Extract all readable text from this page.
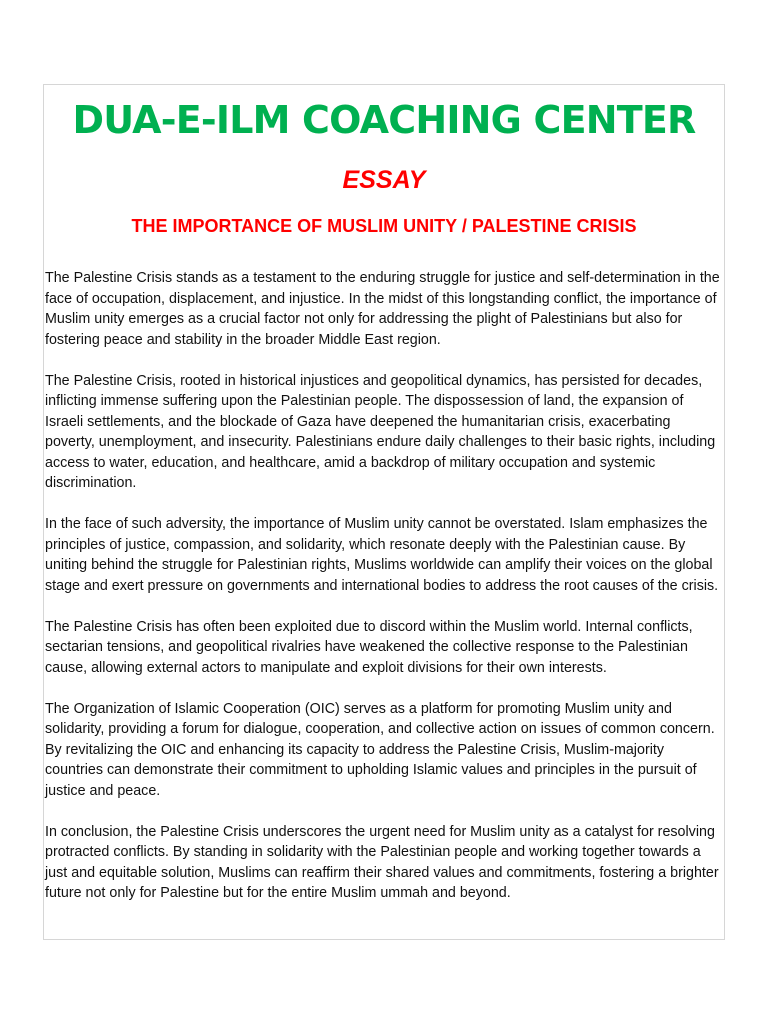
DUA-E-ILM COACHING CENTER
ESSAY
THE IMPORTANCE OF MUSLIM UNITY / PALESTINE CRISIS

The Palestine Crisis stands as a testament to the enduring struggle for justice and self-determination in the face of occupation, displacement, and injustice. In the midst of this longstanding conflict, the importance of Muslim unity emerges as a crucial factor not only for addressing the plight of Palestinians but also for fostering peace and stability in the broader Middle East region.

The Palestine Crisis, rooted in historical injustices and geopolitical dynamics, has persisted for decades, inflicting immense suffering upon the Palestinian people. The dispossession of land, the expansion of Israeli settlements, and the blockade of Gaza have deepened the humanitarian crisis, exacerbating poverty, unemployment, and insecurity. Palestinians endure daily challenges to their basic rights, including access to water, education, and healthcare, amid a backdrop of military occupation and systemic discrimination.

In the face of such adversity, the importance of Muslim unity cannot be overstated. Islam emphasizes the principles of justice, compassion, and solidarity, which resonate deeply with the Palestinian cause. By uniting behind the struggle for Palestinian rights, Muslims worldwide can amplify their voices on the global stage and exert pressure on governments and international bodies to address the root causes of the crisis.

The Palestine Crisis has often been exploited due to discord within the Muslim world. Internal conflicts, sectarian tensions, and geopolitical rivalries have weakened the collective response to the Palestinian cause, allowing external actors to manipulate and exploit divisions for their own interests.

The Organization of Islamic Cooperation (OIC) serves as a platform for promoting Muslim unity and solidarity, providing a forum for dialogue, cooperation, and collective action on issues of common concern. By revitalizing the OIC and enhancing its capacity to address the Palestine Crisis, Muslim-majority countries can demonstrate their commitment to upholding Islamic values and principles in the pursuit of justice and peace.

In conclusion, the Palestine Crisis underscores the urgent need for Muslim unity as a catalyst for resolving protracted conflicts. By standing in solidarity with the Palestinian people and working together towards a just and equitable solution, Muslims can reaffirm their shared values and commitments, fostering a brighter future not only for Palestine but for the entire Muslim ummah and beyond.
